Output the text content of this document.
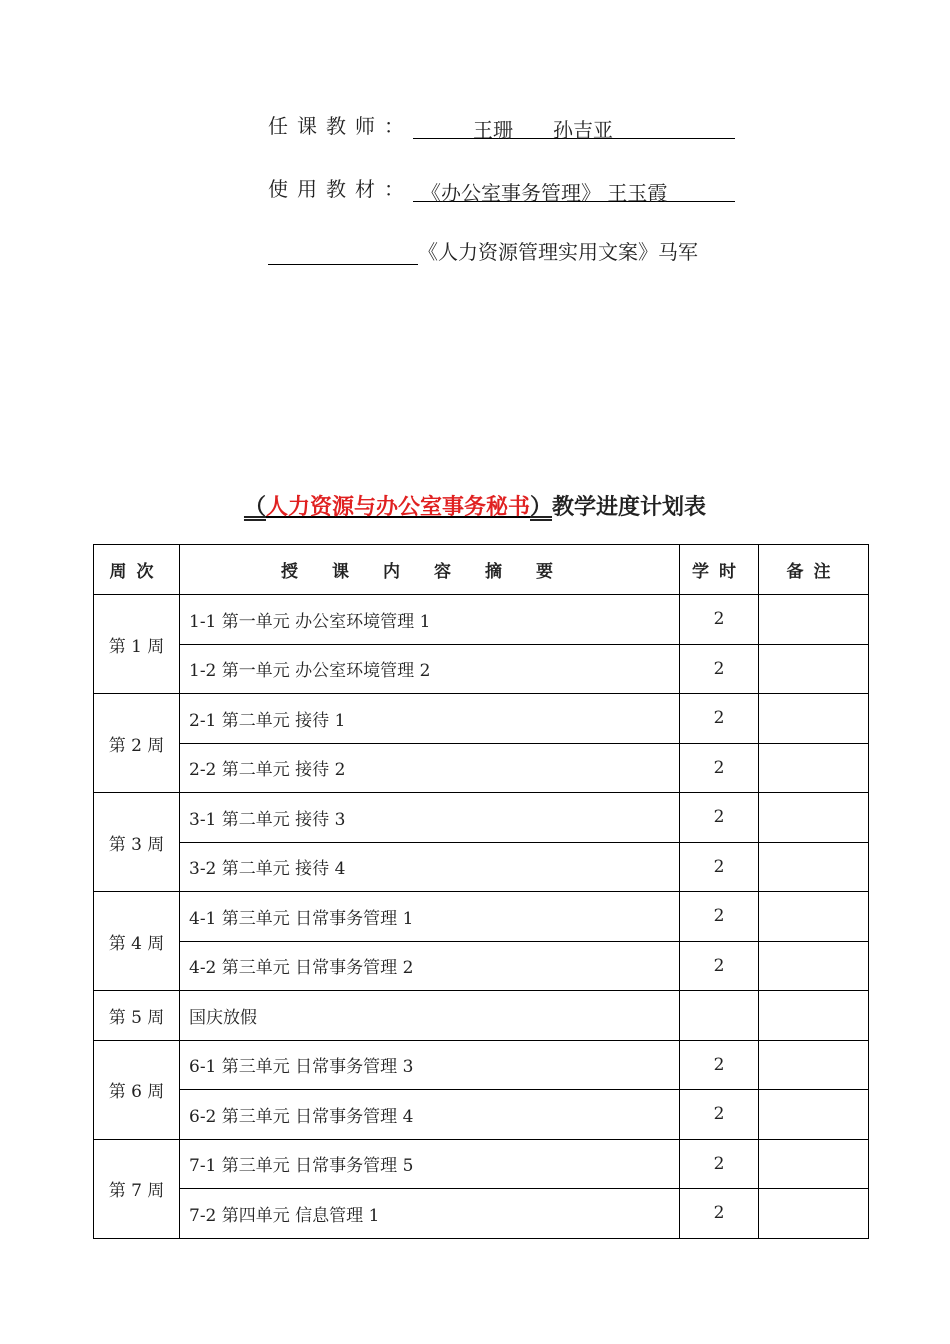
任课教师：	王珊　　孙吉亚
使用教材： 《办公室事务管理》 王玉霞
《人力资源管理实用文案》马军
（人力资源与办公室事务秘书）教学进度计划表
周次	授课内容摘要	学时	备注
第 1 周	1-1 第一单元 办公室环境管理 1	2	
	1-2 第一单元 办公室环境管理 2	2	
第 2 周	2-1 第二单元 接待 1	2	
	2-2 第二单元 接待 2	2	
第 3 周	3-1 第二单元 接待 3	2	
	3-2 第二单元 接待 4	2	
第 4 周	4-1 第三单元 日常事务管理 1	2	
	4-2 第三单元 日常事务管理 2	2	
第 5 周	国庆放假		
第 6 周	6-1 第三单元 日常事务管理 3	2	
	6-2 第三单元 日常事务管理 4	2	
第 7 周	7-1 第三单元 日常事务管理 5	2	
	7-2 第四单元 信息管理 1	2	
